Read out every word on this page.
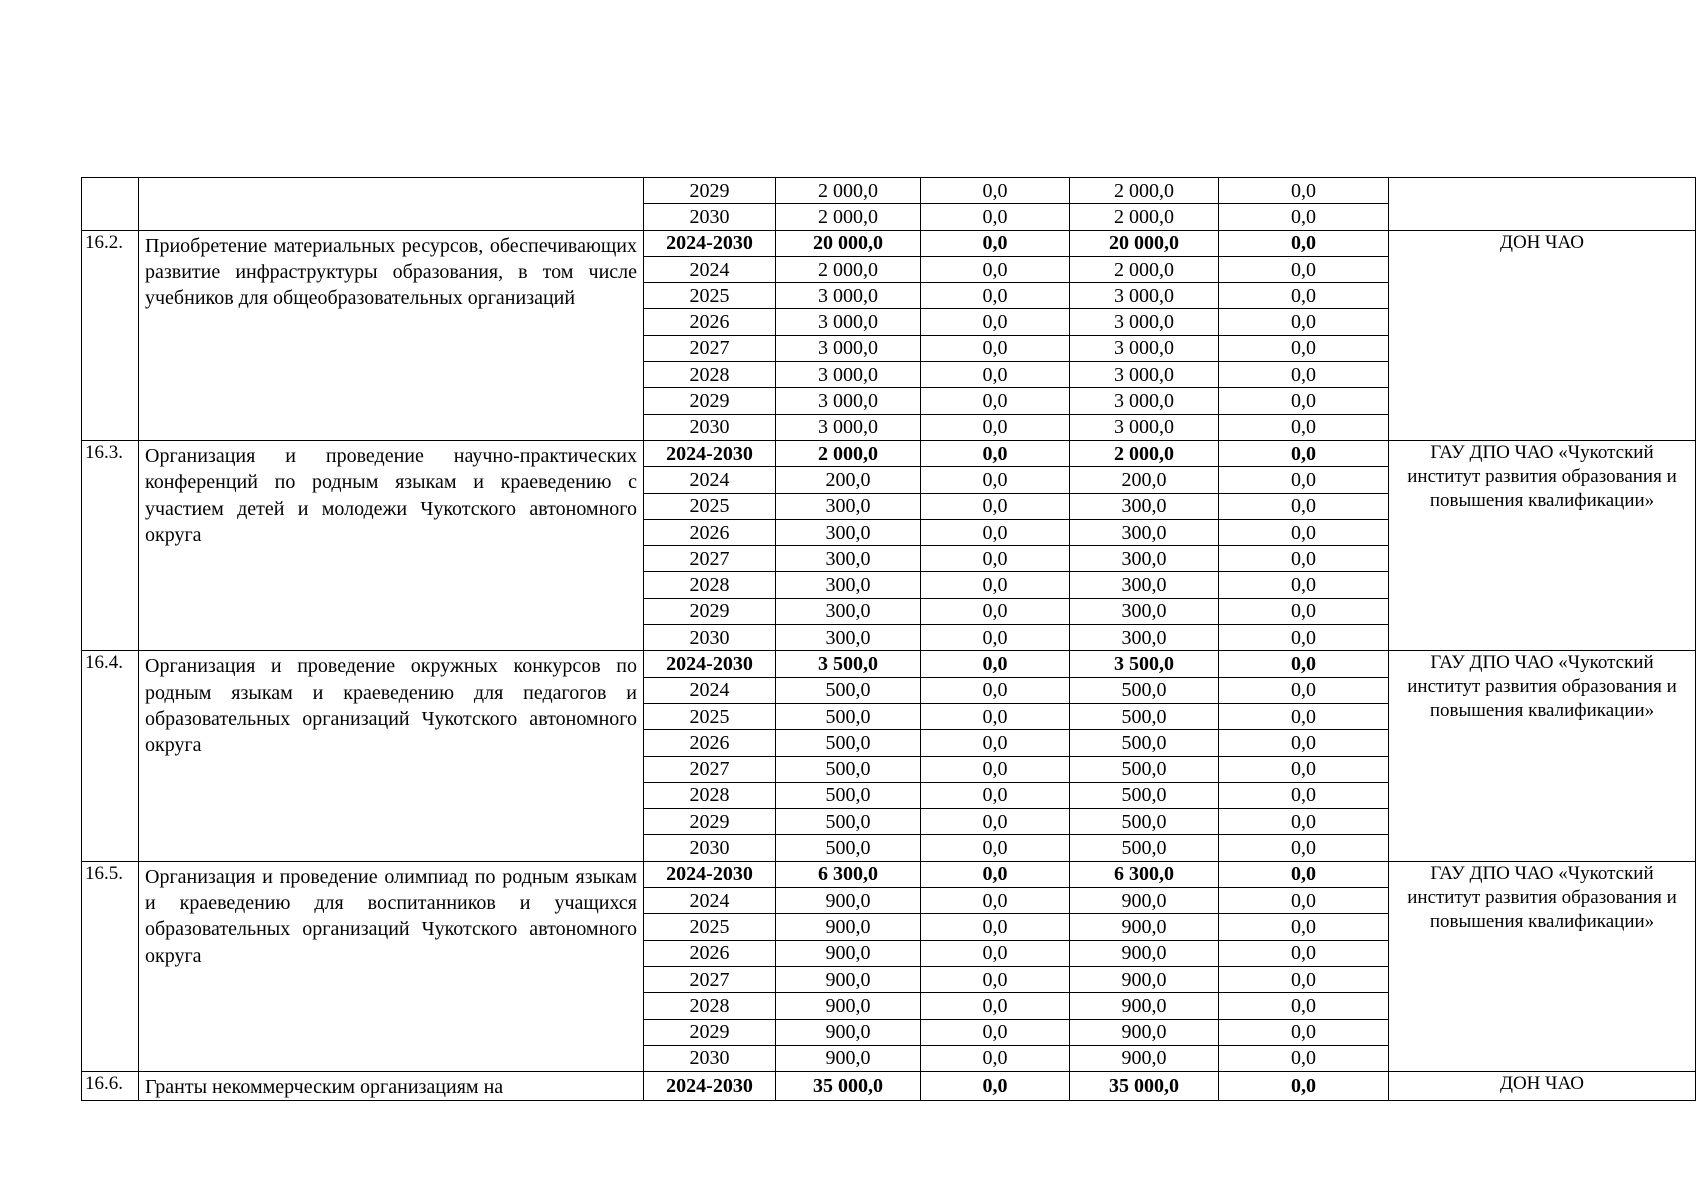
		2029	2 000,0	0,0	2 000,0	0,0	
		2030	2 000,0	0,0	2 000,0	0,0	
16.2.	Приобретение материальных ресурсов, обеспечивающих развитие инфраструктуры образования, в том числе учебников для общеобразовательных организаций	2024-2030	20 000,0	0,0	20 000,0	0,0	ДОН ЧАО
		2024	2 000,0	0,0	2 000,0	0,0	
		2025	3 000,0	0,0	3 000,0	0,0	
		2026	3 000,0	0,0	3 000,0	0,0	
		2027	3 000,0	0,0	3 000,0	0,0	
		2028	3 000,0	0,0	3 000,0	0,0	
		2029	3 000,0	0,0	3 000,0	0,0	
		2030	3 000,0	0,0	3 000,0	0,0	
16.3.	Организация и проведение научно-практических конференций по родным языкам и краеведению с участием детей и молодежи Чукотского автономного округа	2024-2030	2 000,0	0,0	2 000,0	0,0	ГАУ ДПО ЧАО «Чукотский институт развития образования и повышения квалификации»
		2024	200,0	0,0	200,0	0,0	
		2025	300,0	0,0	300,0	0,0	
		2026	300,0	0,0	300,0	0,0	
		2027	300,0	0,0	300,0	0,0	
		2028	300,0	0,0	300,0	0,0	
		2029	300,0	0,0	300,0	0,0	
		2030	300,0	0,0	300,0	0,0	
16.4.	Организация и проведение окружных конкурсов по родным языкам и краеведению для педагогов и образовательных организаций Чукотского автономного округа	2024-2030	3 500,0	0,0	3 500,0	0,0	ГАУ ДПО ЧАО «Чукотский институт развития образования и повышения квалификации»
		2024	500,0	0,0	500,0	0,0	
		2025	500,0	0,0	500,0	0,0	
		2026	500,0	0,0	500,0	0,0	
		2027	500,0	0,0	500,0	0,0	
		2028	500,0	0,0	500,0	0,0	
		2029	500,0	0,0	500,0	0,0	
		2030	500,0	0,0	500,0	0,0	
16.5.	Организация и проведение олимпиад по родным языкам и краеведению для воспитанников и учащихся образовательных организаций Чукотского автономного округа	2024-2030	6 300,0	0,0	6 300,0	0,0	ГАУ ДПО ЧАО «Чукотский институт развития образования и повышения квалификации»
		2024	900,0	0,0	900,0	0,0	
		2025	900,0	0,0	900,0	0,0	
		2026	900,0	0,0	900,0	0,0	
		2027	900,0	0,0	900,0	0,0	
		2028	900,0	0,0	900,0	0,0	
		2029	900,0	0,0	900,0	0,0	
		2030	900,0	0,0	900,0	0,0	
16.6.	Гранты некоммерческим организациям на	2024-2030	35 000,0	0,0	35 000,0	0,0	ДОН ЧАО
